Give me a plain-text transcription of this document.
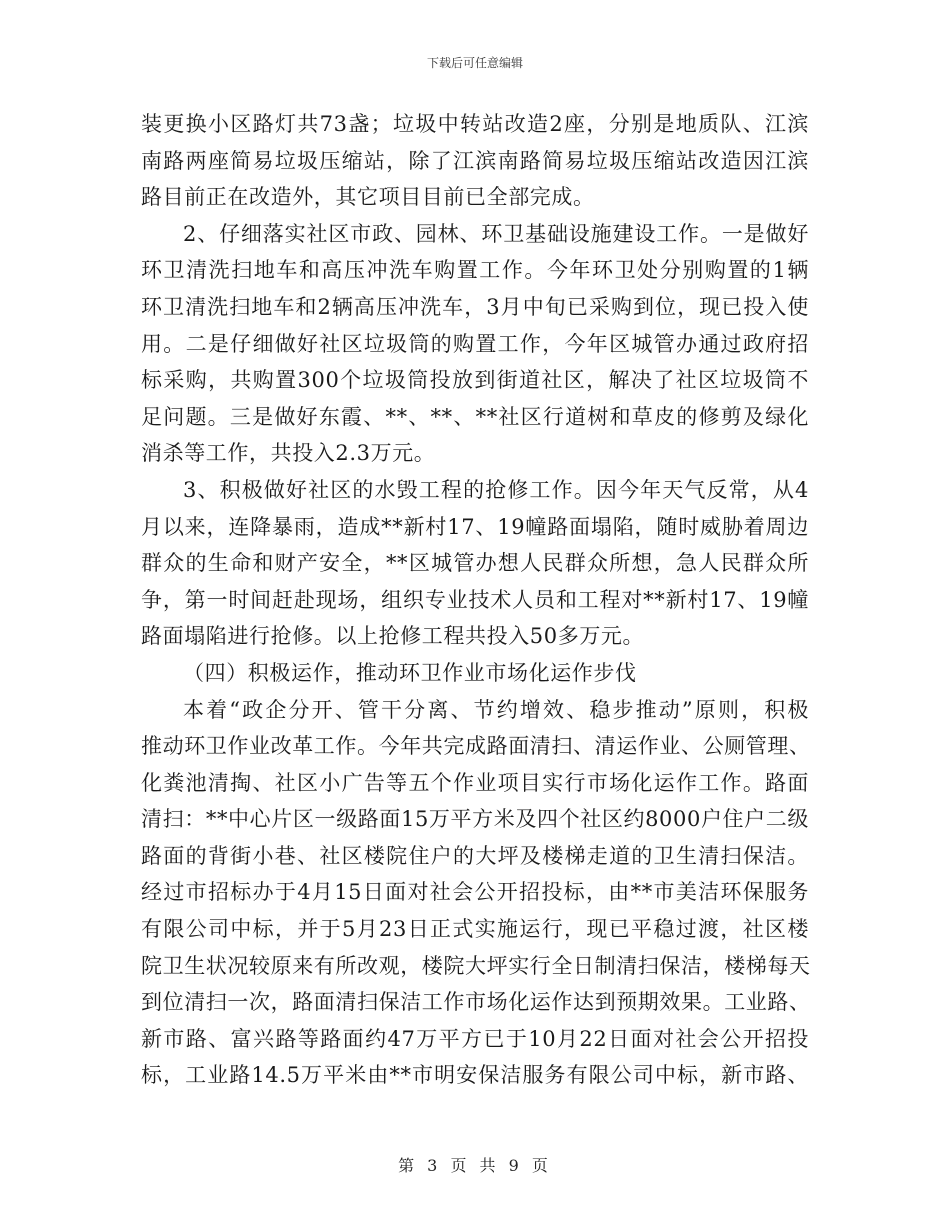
下载后可任意编辑
装更换小区路灯共73盏；垃圾中转站改造2座，分别是地质队、江滨
南路两座简易垃圾压缩站，除了江滨南路简易垃圾压缩站改造因江滨
路目前正在改造外，其它项目目前已全部完成。
2、仔细落实社区市政、园林、环卫基础设施建设工作。一是做好
环卫清洗扫地车和高压冲洗车购置工作。今年环卫处分别购置的1辆
环卫清洗扫地车和2辆高压冲洗车，3月中旬已采购到位，现已投入使
用。二是仔细做好社区垃圾筒的购置工作，今年区城管办通过政府招
标采购，共购置300个垃圾筒投放到街道社区，解决了社区垃圾筒不
足问题。三是做好东霞、**、**、**社区行道树和草皮的修剪及绿化
消杀等工作，共投入2.3万元。
3、积极做好社区的水毁工程的抢修工作。因今年天气反常，从4
月以来，连降暴雨，造成**新村17、19幢路面塌陷，随时威胁着周边
群众的生命和财产安全，**区城管办想人民群众所想，急人民群众所
争，第一时间赶赴现场，组织专业技术人员和工程对**新村17、19幢
路面塌陷进行抢修。以上抢修工程共投入50多万元。
（四）积极运作，推动环卫作业市场化运作步伐
本着“政企分开、管干分离、节约增效、稳步推动”原则，积极
推动环卫作业改革工作。今年共完成路面清扫、清运作业、公厕管理、
化粪池清掏、社区小广告等五个作业项目实行市场化运作工作。路面
清扫：**中心片区一级路面15万平方米及四个社区约8000户住户二级
路面的背街小巷、社区楼院住户的大坪及楼梯走道的卫生清扫保洁。
经过市招标办于4月15日面对社会公开招投标，由**市美洁环保服务
有限公司中标，并于5月23日正式实施运行，现已平稳过渡，社区楼
院卫生状况较原来有所改观，楼院大坪实行全日制清扫保洁，楼梯每天
到位清扫一次，路面清扫保洁工作市场化运作达到预期效果。工业路、
新市路、富兴路等路面约47万平方已于10月22日面对社会公开招投
标，工业路14.5万平米由**市明安保洁服务有限公司中标，新市路、
第 3 页 共 9 页
